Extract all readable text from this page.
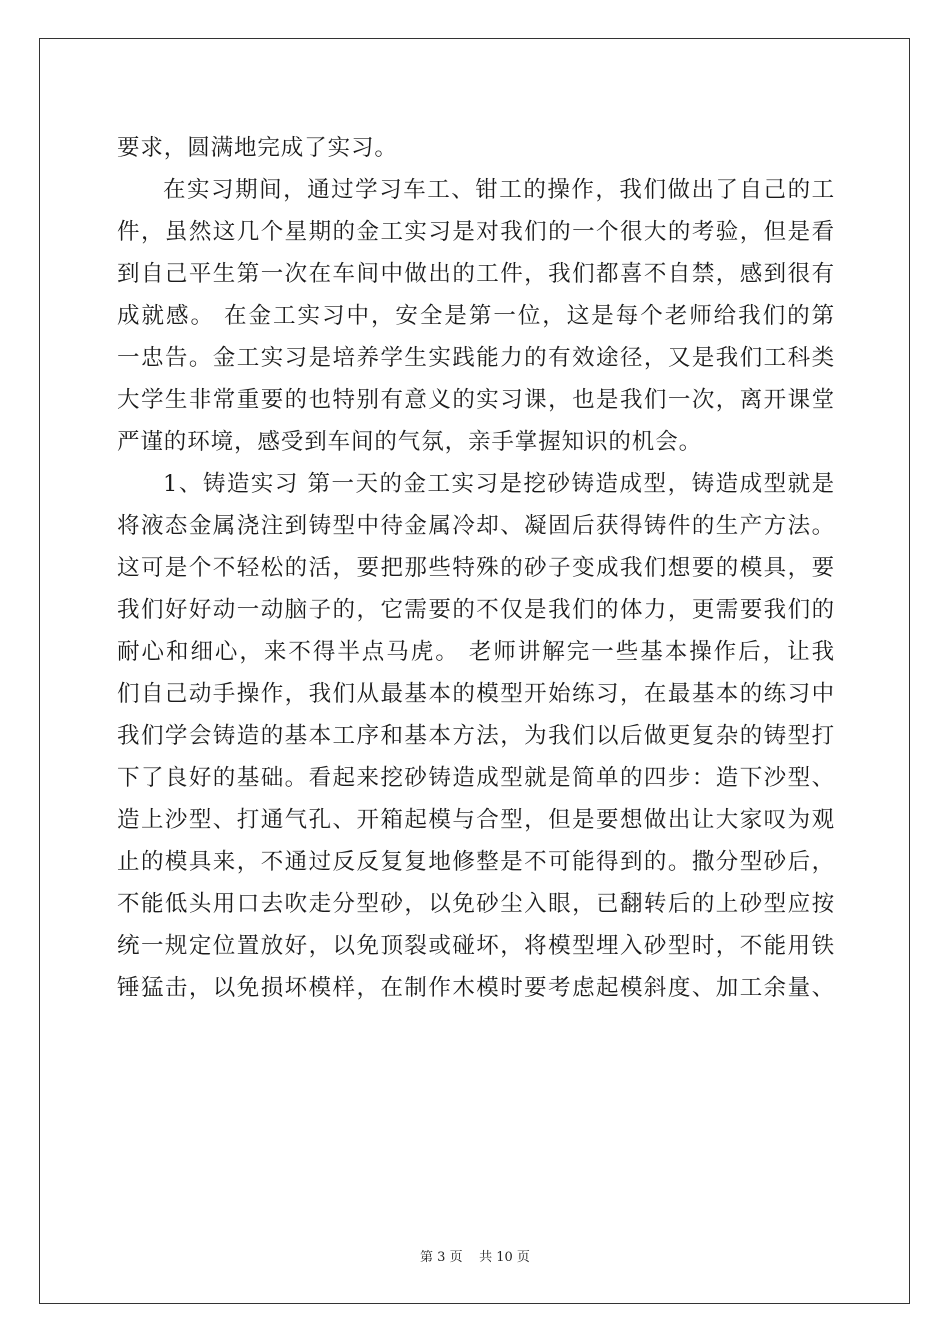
要求，圆满地完成了实习。
在实习期间，通过学习车工、钳工的操作，我们做出了自己的工
件，虽然这几个星期的金工实习是对我们的一个很大的考验，但是看
到自己平生第一次在车间中做出的工件，我们都喜不自禁，感到很有
成就感。 在金工实习中，安全是第一位，这是每个老师给我们的第
一忠告。金工实习是培养学生实践能力的有效途径，又是我们工科类
大学生非常重要的也特别有意义的实习课，也是我们一次，离开课堂
严谨的环境，感受到车间的气氛，亲手掌握知识的机会。
1、铸造实习 第一天的金工实习是挖砂铸造成型，铸造成型就是
将液态金属浇注到铸型中待金属冷却、凝固后获得铸件的生产方法。
这可是个不轻松的活，要把那些特殊的砂子变成我们想要的模具，要
我们好好动一动脑子的，它需要的不仅是我们的体力，更需要我们的
耐心和细心，来不得半点马虎。 老师讲解完一些基本操作后，让我
们自己动手操作，我们从最基本的模型开始练习，在最基本的练习中
我们学会铸造的基本工序和基本方法，为我们以后做更复杂的铸型打
下了良好的基础。看起来挖砂铸造成型就是简单的四步：造下沙型、
造上沙型、打通气孔、开箱起模与合型，但是要想做出让大家叹为观
止的模具来，不通过反反复复地修整是不可能得到的。撒分型砂后，
不能低头用口去吹走分型砂，以免砂尘入眼，已翻转后的上砂型应按
统一规定位置放好，以免顶裂或碰坏，将模型埋入砂型时，不能用铁
锤猛击，以免损坏模样，在制作木模时要考虑起模斜度、加工余量、
第 3 页 共 10 页
